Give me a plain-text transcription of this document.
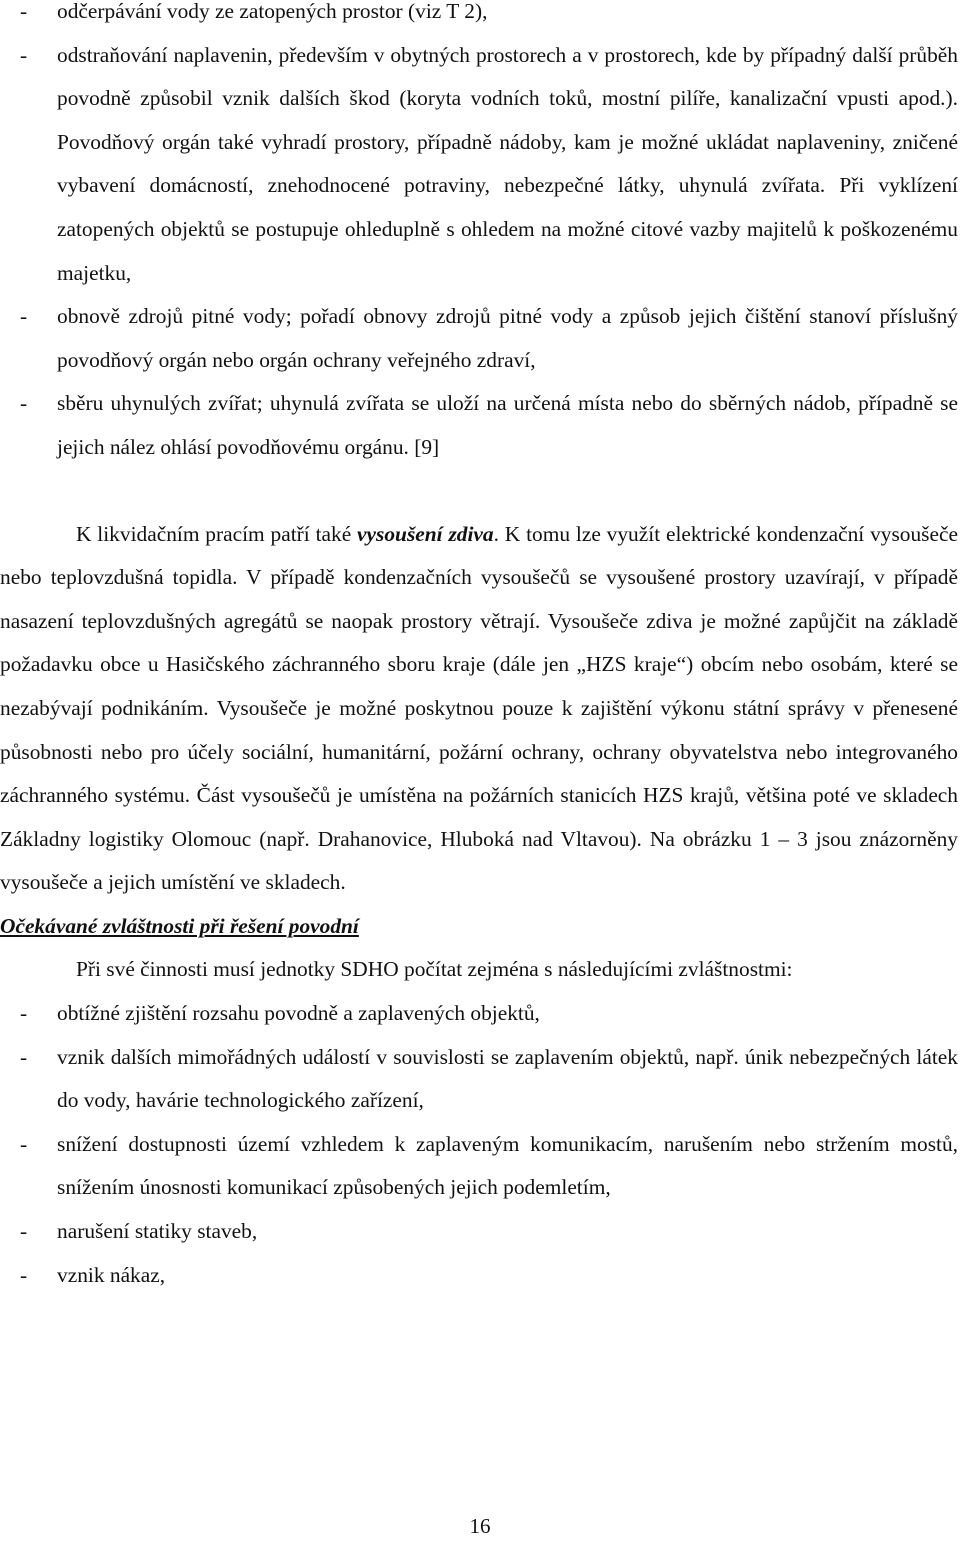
- odčerpávání vody ze zatopených prostor (viz T 2),

- odstraňování naplavenin, především v obytných prostorech a v prostorech, kde by případný další průběh povodně způsobil vznik dalších škod (koryta vodních toků, mostní pilíře, kanalizační vpusti apod.). Povodňový orgán také vyhradí prostory, případně nádoby, kam je možné ukládat naplaveniny, zničené vybavení domácností, znehodnocené potraviny, nebezpečné látky, uhynulá zvířata. Při vyklízení zatopených objektů se postupuje ohleduplně s ohledem na možné citové vazby majitelů k poškozenému majetku,

- obnově zdrojů pitné vody; pořadí obnovy zdrojů pitné vody a způsob jejich čištění stanoví příslušný povodňový orgán nebo orgán ochrany veřejného zdraví,

- sběru uhynulých zvířat; uhynulá zvířata se uloží na určená místa nebo do sběrných nádob, případně se jejich nález ohlásí povodňovému orgánu. [9]

K likvidačním pracím patří také vysoušení zdiva. K tomu lze využít elektrické kondenzační vysoušeče nebo teplovzdušná topidla. V případě kondenzačních vysoušečů se vysoušené prostory uzavírají, v případě nasazení teplovzdušných agregátů se naopak prostory větrají. Vysoušeče zdiva je možné zapůjčit na základě požadavku obce u Hasičského záchranného sboru kraje (dále jen „HZS kraje“) obcím nebo osobám, které se nezabývají podnikáním. Vysoušeče je možné poskytnou pouze k zajištění výkonu státní správy v přenesené působnosti nebo pro účely sociální, humanitární, požární ochrany, ochrany obyvatelstva nebo integrovaného záchranného systému. Část vysoušečů je umístěna na požárních stanicích HZS krajů, většina poté ve skladech Základny logistiky Olomouc (např. Drahanovice, Hluboká nad Vltavou). Na obrázku 1 – 3 jsou znázorněny vysoušeče a jejich umístění ve skladech.

Očekávané zvláštnosti při řešení povodní

Při své činnosti musí jednotky SDHO počítat zejména s následujícími zvláštnostmi:

- obtížné zjištění rozsahu povodně a zaplavených objektů,

- vznik dalších mimořádných událostí v souvislosti se zaplavením objektů, např. únik nebezpečných látek do vody, havárie technologického zařízení,

- snížení dostupnosti území vzhledem k zaplaveným komunikacím, narušením nebo stržením mostů, snížením únosnosti komunikací způsobených jejich podemletím,

- narušení statiky staveb,

- vznik nákaz,

16
